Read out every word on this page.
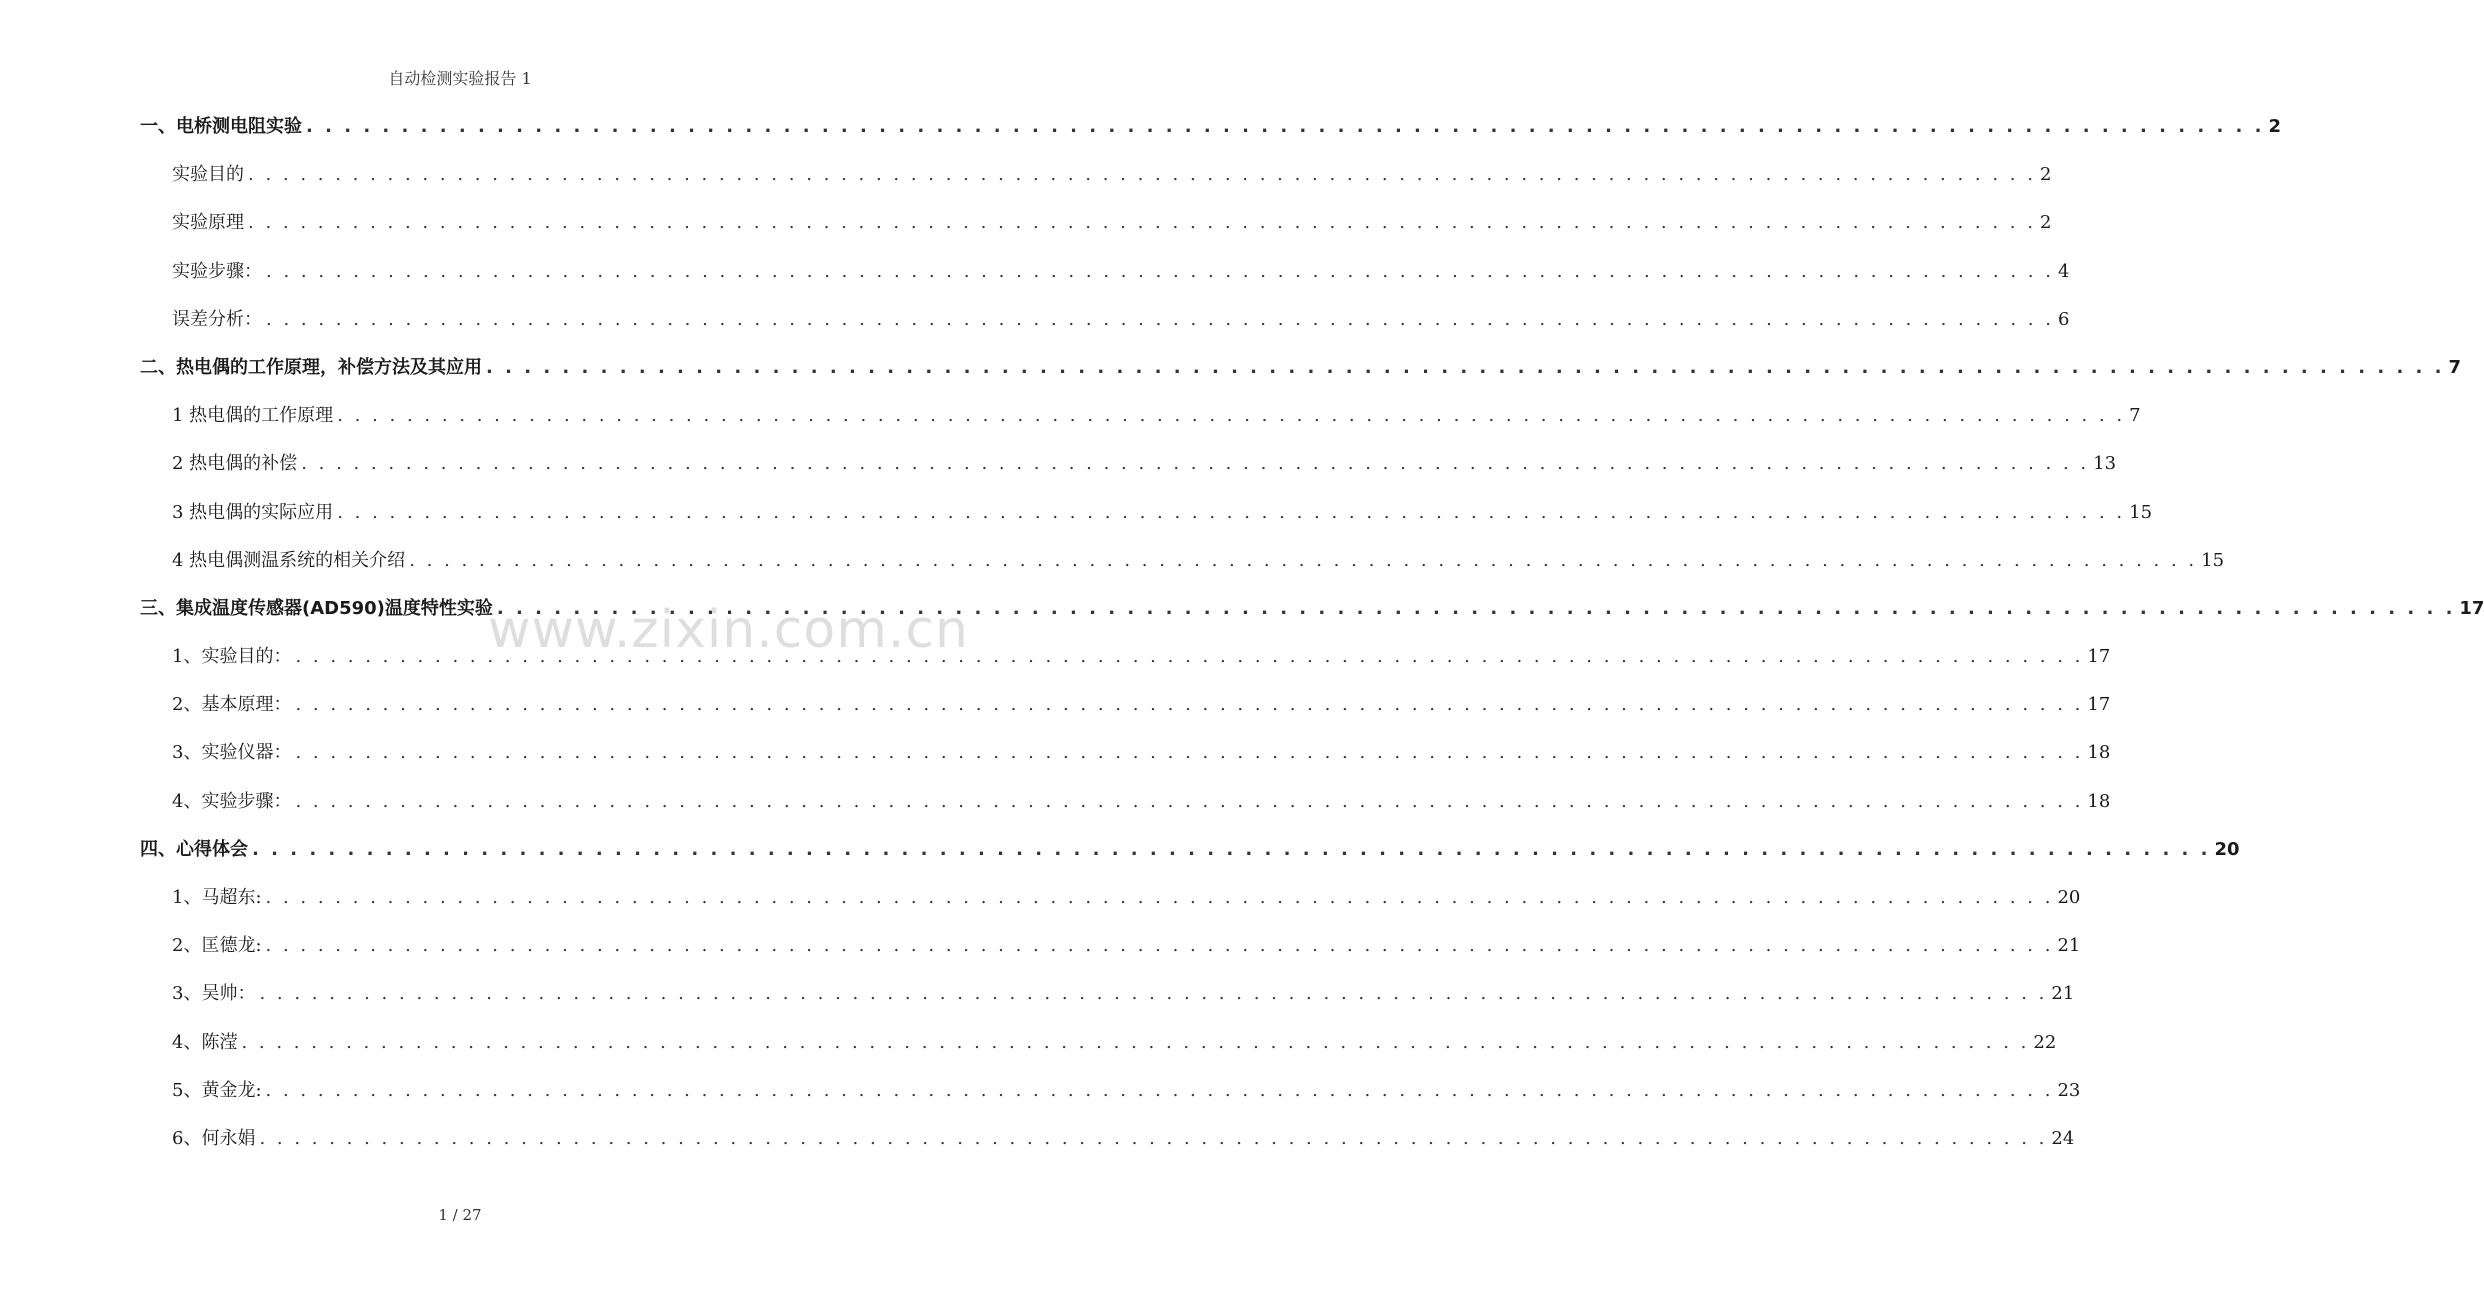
自动检测实验报告 1
一、电桥测电阻实验 . . .	2
实验目的 . . .	2
实验原理 . . .	2
实验步骤： . . .	4
误差分析： . . .	6
二、热电偶的工作原理，补偿方法及其应用 . . .	7
1 热电偶的工作原理 . . .	7
2 热电偶的补偿 . . .	13
3 热电偶的实际应用 . . .	15
4 热电偶测温系统的相关介绍 . . .	15
三、集成温度传感器(AD590)温度特性实验 . . .	17
1、实验目的： . . .	17
2、基本原理： . . .	17
3、实验仪器： . . .	18
4、实验步骤： . . .	18
四、心得体会 . . .	20
1、马超东: . . .	20
2、匡德龙: . . .	21
3、吴帅： . . .	21
4、陈滢 . . .	22
5、黄金龙: . . .	23
6、何永娟 . . .	24
www.zixin.com.cn
1 / 27
